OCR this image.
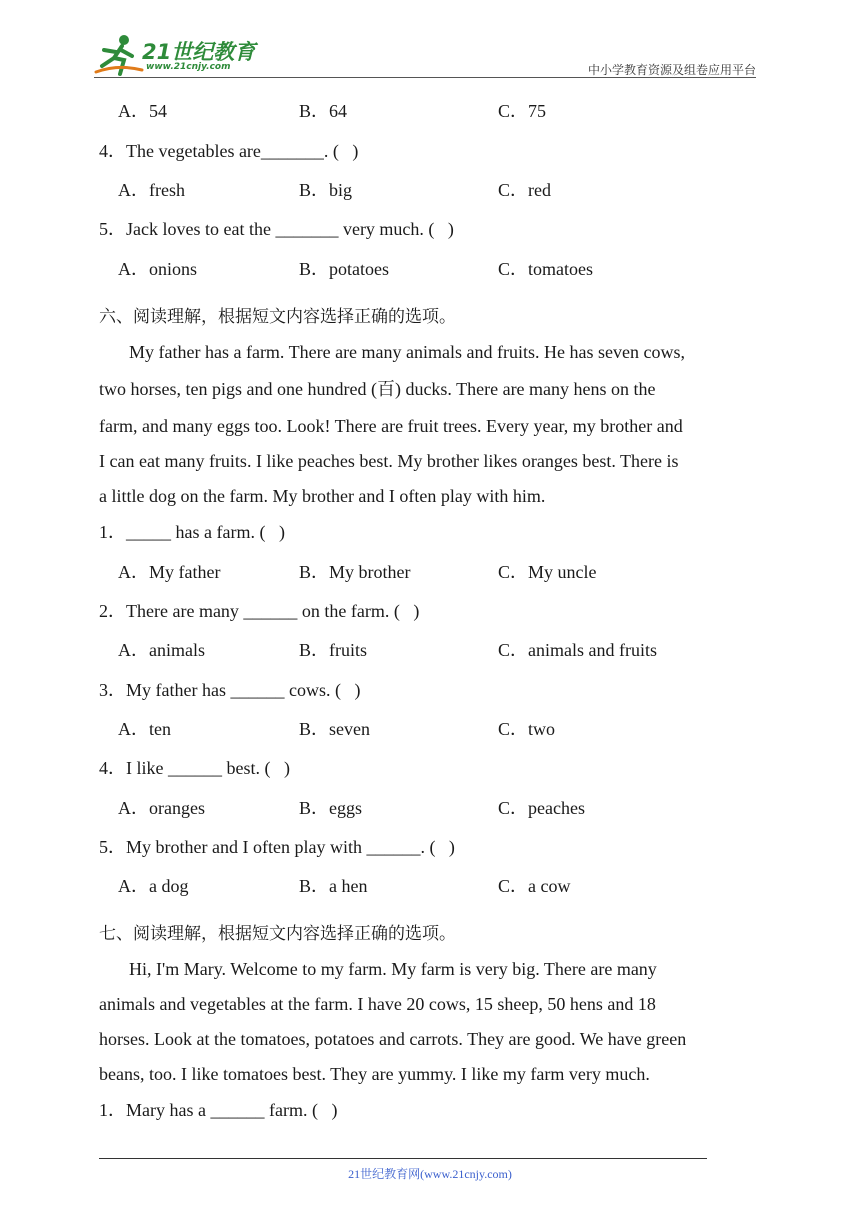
21世纪教育
www.21cnjy.com	中小学教育资源及组卷应用平台
A．54	B．64	C．75
4．The vegetables are_______. (   )
A．fresh	B．big	C．red
5．Jack loves to eat the _______ very much. (   )
A．onions	B．potatoes	C．tomatoes
六、阅读理解，根据短文内容选择正确的选项。
My father has a farm. There are many animals and fruits. He has seven cows,
two horses, ten pigs and one hundred (百) ducks. There are many hens on the
farm, and many eggs too. Look! There are fruit trees. Every year, my brother and
I can eat many fruits. I like peaches best. My brother likes oranges best. There is
a little dog on the farm. My brother and I often play with him.
1．_____ has a farm. (   )
A．My father	B．My brother	C．My uncle
2．There are many ______ on the farm. (   )
A．animals	B．fruits	C．animals and fruits
3．My father has ______ cows. (   )
A．ten	B．seven	C．two
4．I like ______ best. (   )
A．oranges	B．eggs	C．peaches
5．My brother and I often play with ______. (   )
A．a dog	B．a hen	C．a cow
七、阅读理解，根据短文内容选择正确的选项。
Hi, I'm Mary. Welcome to my farm. My farm is very big. There are many
animals and vegetables at the farm. I have 20 cows, 15 sheep, 50 hens and 18
horses. Look at the tomatoes, potatoes and carrots. They are good. We have green
beans, too. I like tomatoes best. They are yummy. I like my farm very much.
1．Mary has a ______ farm. (   )
21世纪教育网(www.21cnjy.com)
